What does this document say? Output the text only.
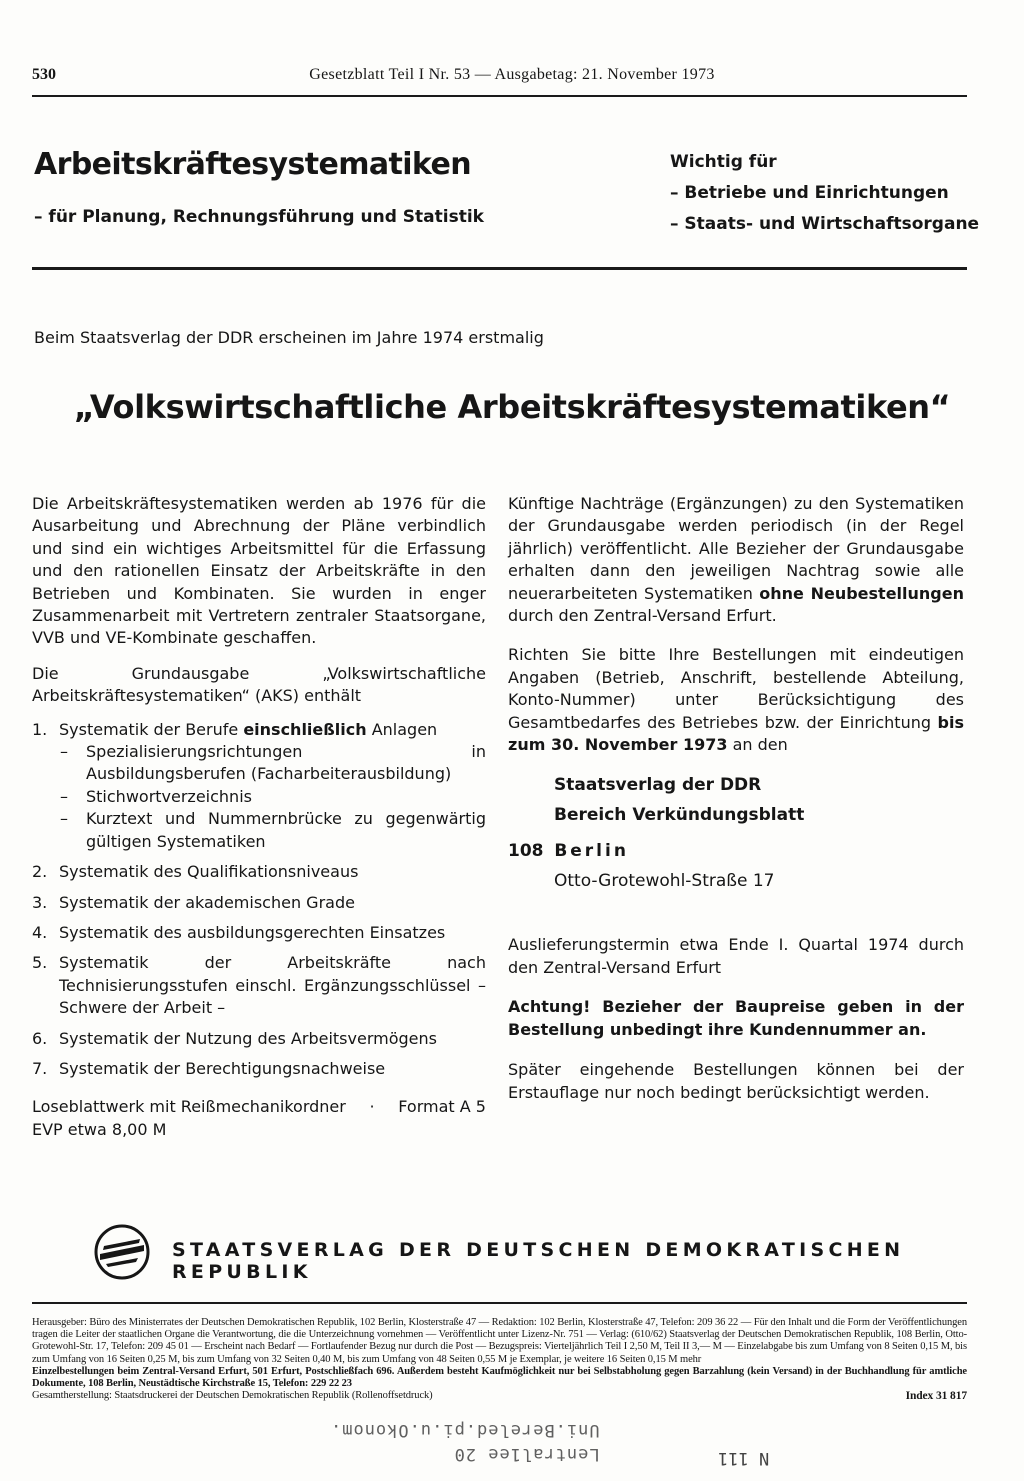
530	Gesetzblatt Teil I Nr. 53 — Ausgabetag: 21. November 1973
Arbeitskräftesystematiken
– für Planung, Rechnungsführung und Statistik
Wichtig für
– Betriebe und Einrichtungen
– Staats- und Wirtschaftsorgane
Beim Staatsverlag der DDR erscheinen im Jahre 1974 erstmalig
„Volkswirtschaftliche Arbeitskräftesystematiken“

Die Arbeitskräftesystematiken werden ab 1976 für die Ausarbeitung und Abrechnung der Pläne verbindlich und sind ein wichtiges Arbeitsmittel für die Erfassung und den rationellen Einsatz der Arbeitskräfte in den Betrieben und Kombinaten. Sie wurden in enger Zusammenarbeit mit Vertretern zentraler Staatsorgane, VVB und VE-Kombinate geschaffen.

Die Grundausgabe „Volkswirtschaftliche Arbeitskräftesystematiken“ (AKS) enthält

1. Systematik der Berufe einschließlich Anlagen
– Spezialisierungsrichtungen in Ausbildungsberufen (Facharbeiterausbildung)
– Stichwortverzeichnis
– Kurztext und Nummernbrücke zu gegenwärtig gültigen Systematiken
2. Systematik des Qualifikationsniveaus
3. Systematik der akademischen Grade
4. Systematik des ausbildungsgerechten Einsatzes
5. Systematik der Arbeitskräfte nach Technisierungsstufen einschl. Ergänzungsschlüssel – Schwere der Arbeit –
6. Systematik der Nutzung des Arbeitsvermögens
7. Systematik der Berechtigungsnachweise
Loseblattwerk mit Reißmechanikordner · Format A 5
EVP etwa 8,00 M

Künftige Nachträge (Ergänzungen) zu den Systematiken der Grundausgabe werden periodisch (in der Regel jährlich) veröffentlicht. Alle Bezieher der Grundausgabe erhalten dann den jeweiligen Nachtrag sowie alle neuerarbeiteten Systematiken ohne Neubestellungen durch den Zentral-Versand Erfurt.

Richten Sie bitte Ihre Bestellungen mit eindeutigen Angaben (Betrieb, Anschrift, bestellende Abteilung, Konto-Nummer) unter Berücksichtigung des Gesamtbedarfes des Betriebes bzw. der Einrichtung bis zum 30. November 1973 an den

Staatsverlag der DDR
Bereich Verkündungsblatt
108 Berlin
Otto-Grotewohl-Straße 17

Auslieferungstermin etwa Ende I. Quartal 1974 durch den Zentral-Versand Erfurt

Achtung! Bezieher der Baupreise geben in der Bestellung unbedingt ihre Kundennummer an.

Später eingehende Bestellungen können bei der Erstauflage nur noch bedingt berücksichtigt werden.

STAATSVERLAG DER DEUTSCHEN DEMOKRATISCHEN REPUBLIK
Herausgeber: Büro des Ministerrates der Deutschen Demokratischen Republik, 102 Berlin, Klosterstraße 47 — Redaktion: 102 Berlin, Klosterstraße 47, Telefon: 209 36 22 — Für den Inhalt und die Form der Veröffentlichungen tragen die Leiter der staatlichen Organe die Verantwortung, die die Unterzeichnung vornehmen — Veröffentlicht unter Lizenz-Nr. 751 — Verlag: (610/62) Staatsverlag der Deutschen Demokratischen Republik, 108 Berlin, Otto-Grotewohl-Str. 17, Telefon: 209 45 01 — Erscheint nach Bedarf — Fortlaufender Bezug nur durch die Post — Bezugspreis: Vierteljährlich Teil I 2,50 M, Teil II 3,— M — Einzelabgabe bis zum Umfang von 8 Seiten 0,15 M, bis zum Umfang von 16 Seiten 0,25 M, bis zum Umfang von 32 Seiten 0,40 M, bis zum Umfang von 48 Seiten 0,55 M je Exemplar, je weitere 16 Seiten 0,15 M mehr
Einzelbestellungen beim Zentral-Versand Erfurt, 501 Erfurt, Postschließfach 696. Außerdem besteht Kaufmöglichkeit nur bei Selbstabholung gegen Barzahlung (kein Versand) in der Buchhandlung für amtliche Dokumente, 108 Berlin, Neustädtische Kirchstraße 15, Telefon: 229 22 23
Gesamtherstellung: Staatsdruckerei der Deutschen Demokratischen Republik (Rollenoffsetdruck)	Index 31 817
Lentral1ee 20
Uni.Bereled.pi.u.Okonom.
N 111
